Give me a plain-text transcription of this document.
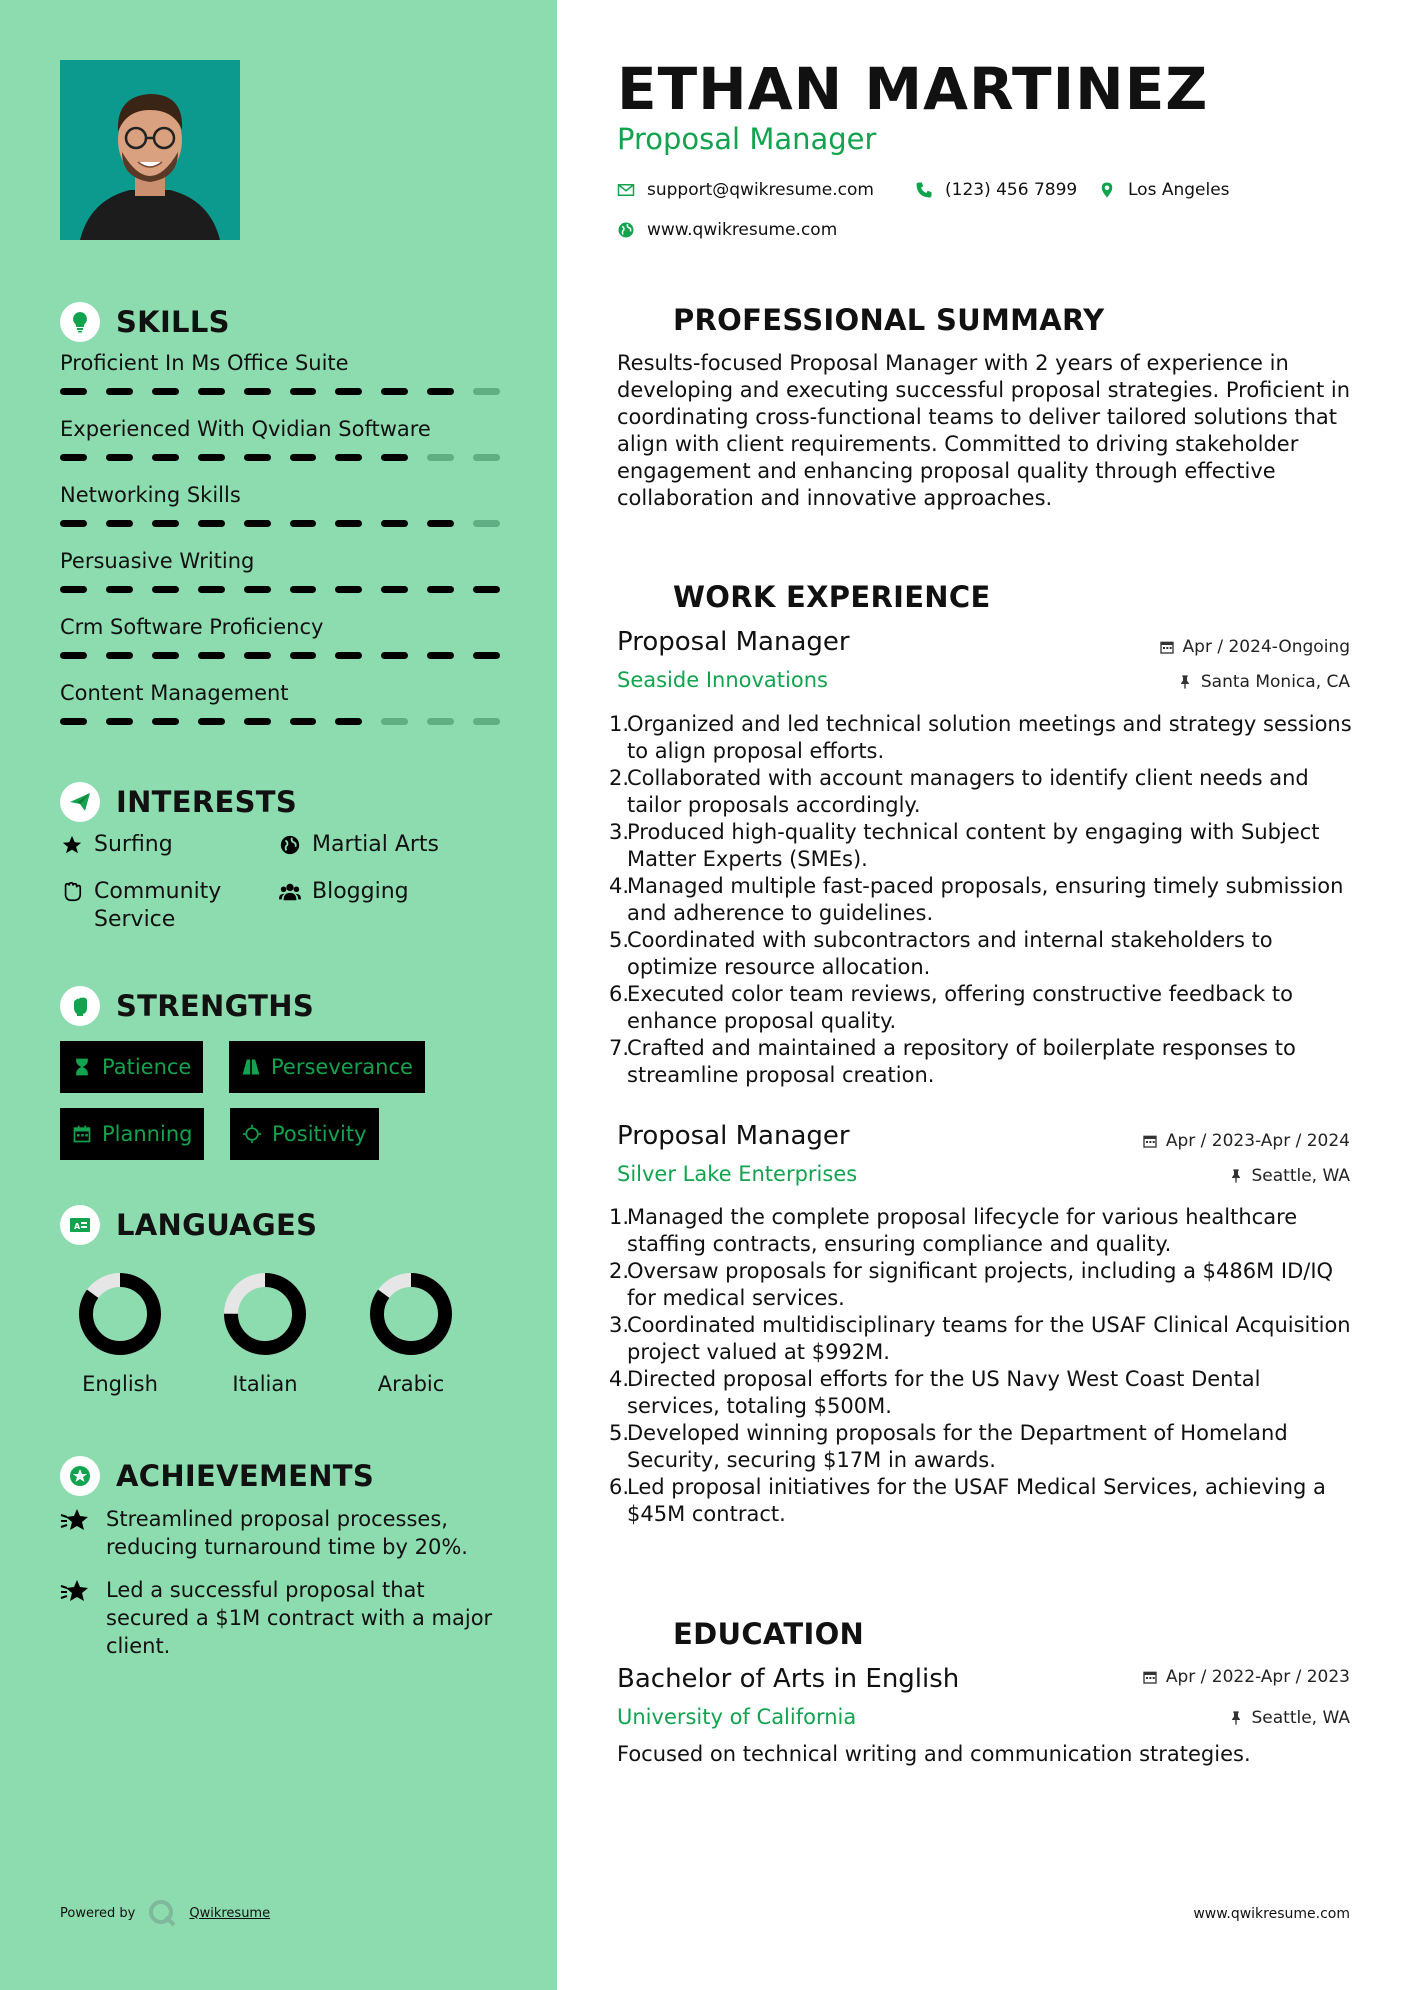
SKILLS
Proficient In Ms Office Suite
Experienced With Qvidian Software
Networking Skills
Persuasive Writing
Crm Software Proficiency
Content Management
INTERESTS
Surfing	Martial Arts
Community Service
Blogging
STRENGTHS
Patience	Perseverance
Planning	Positivity
A LANGUAGES
English	Italian	Arabic
ACHIEVEMENTS
Streamlined proposal processes, reducing turnaround time by 20%.
Led a successful proposal that secured a $1M contract with a major client.
Powered by	Qwikresume
ETHAN MARTINEZ
Proposal Manager
support@qwikresume.com	(123) 456 7899	Los Angeles
www.qwikresume.com
PROFESSIONAL SUMMARY
Results-focused Proposal Manager with 2 years of experience in developing and executing successful proposal strategies. Proficient in coordinating cross-functional teams to deliver tailored solutions that align with client requirements. Committed to driving stakeholder engagement and enhancing proposal quality through effective collaboration and innovative approaches.
WORK EXPERIENCE
Proposal Manager
Seaside Innovations
Apr / 2024-Ongoing
Santa Monica, CA
1.
Organized and led technical solution meetings and strategy sessions to align proposal efforts.
2.
Collaborated with account managers to identify client needs and tailor proposals accordingly.
3.
Produced high-quality technical content by engaging with Subject Matter Experts (SMEs).
4.
Managed multiple fast-paced proposals, ensuring timely submission and adherence to guidelines.
5.
Coordinated with subcontractors and internal stakeholders to optimize resource allocation.
6.
Executed color team reviews, offering constructive feedback to enhance proposal quality.
7.
Crafted and maintained a repository of boilerplate responses to streamline proposal creation.
Proposal Manager
Silver Lake Enterprises
Apr / 2023-Apr / 2024
Seattle, WA
1.
Managed the complete proposal lifecycle for various healthcare staffing contracts, ensuring compliance and quality.
2.
Oversaw proposals for significant projects, including a $486M ID/IQ for medical services.
3.
Coordinated multidisciplinary teams for the USAF Clinical Acquisition project valued at $992M.
4.
Directed proposal efforts for the US Navy West Coast Dental services, totaling $500M.
5.
Developed winning proposals for the Department of Homeland Security, securing $17M in awards.
6.
Led proposal initiatives for the USAF Medical Services, achieving a $45M contract.
EDUCATION
Bachelor of Arts in English
University of California
Apr / 2022-Apr / 2023
Seattle, WA
Focused on technical writing and communication strategies.
www.qwikresume.com
